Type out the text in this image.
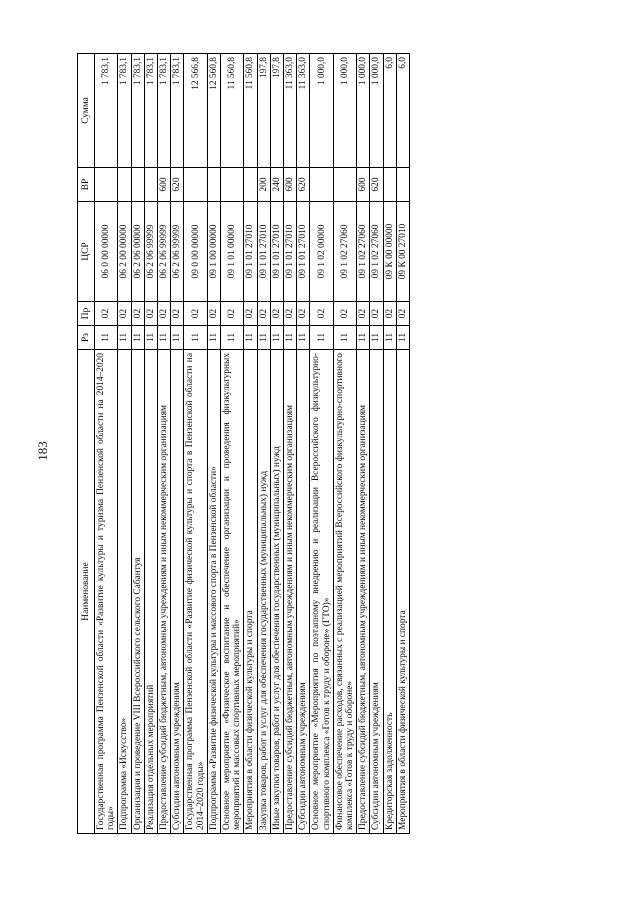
183
Наименование	Рз	Пр	ЦСР	ВР	Сумма
Государственная программа Пензенской области «Развитие культуры и туризма Пензенской области на 2014–2020 годы»	11	02	06 0 00 00000		1 783,1
Подпрограмма «Искусство»	11	02	06 2 00 00000		1 783,1
Организация и проведение VIII Всероссийского сельского Сабантуя	11	02	06 2 06 00000		1 783,1
Реализация отдельных мероприятий	11	02	06 2 06 99999		1 783,1
Предоставление субсидий бюджетным, автономным учреждениям и иным некоммерческим организациям	11	02	06 2 06 99999	600	1 783,1
Субсидии автономным учреждениям	11	02	06 2 06 99999	620	1 783,1
Государственная программа Пензенской области «Развитие физической культуры и спорта в Пензенской области на 2014–2020 годы»	11	02	09 0 00 00000		12 566,8
Подпрограмма «Развитие физической культуры и массового спорта в Пензенской области»	11	02	09 1 00 00000		12 560,8
Основное мероприятие «Физическое воспитание и обеспечение организации и проведения физкультурных мероприятий и массовых спортивных мероприятий»	11	02	09 1 01 00000		11 560,8
Мероприятия в области физической культуры и спорта	11	02	09 1 01 27010		11 560,8
Закупка товаров, работ и услуг для обеспечения государственных (муниципальных) нужд	11	02	09 1 01 27010	200	197,8
Иные закупки товаров, работ и услуг для обеспечения государственных (муниципальных) нужд	11	02	09 1 01 27010	240	197,8
Предоставление субсидий бюджетным, автономным учреждениям и иным некоммерческим организациям	11	02	09 1 01 27010	600	11 363,0
Субсидии автономным учреждениям	11	02	09 1 01 27010	620	11 363,0
Основное мероприятие «Мероприятия по поэтапному внедрению и реализации Всероссийского физкультурно-спортивного комплекса «Готов к труду и обороне» (ГТО)»	11	02	09 1 02 00000		1 000,0
Финансовое обеспечение расходов, связанных с реализацией мероприятий Всероссийского физкультурно-спортивного комплекса «Готов к труду и обороне»	11	02	09 1 02 27060		1 000,0
Предоставление субсидий бюджетным, автономным учреждениям и иным некоммерческим организациям	11	02	09 1 02 27060	600	1 000,0
Субсидии автономным учреждениям	11	02	09 1 02 27060	620	1 000,0
Кредиторская задолженность	11	02	09 К 00 00000		6,0
Мероприятия в области физической культуры и спорта	11	02	09 К 00 27010		6,0
